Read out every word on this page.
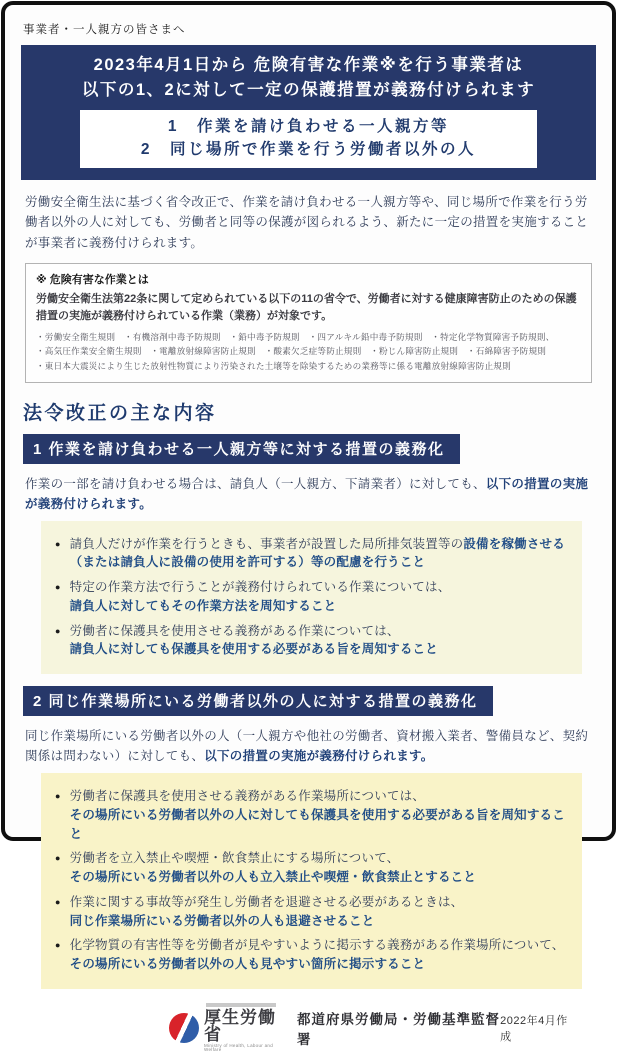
事業者・一人親方の皆さまへ
2023年4月1日から 危険有害な作業※を行う事業者は
以下の1、2に対して一定の保護措置が義務付けられます
1　作業を請け負わせる一人親方等
2　同じ場所で作業を行う労働者以外の人

労働安全衛生法に基づく省令改正で、作業を請け負わせる一人親方等や、同じ場所で作業を行う労働者以外の人に対しても、労働者と同等の保護が図られるよう、新たに一定の措置を実施することが事業者に義務付けられます。

※ 危険有害な作業とは
労働安全衛生法第22条に関して定められている以下の11の省令で、労働者に対する健康障害防止のための保護措置の実施が義務付けられている作業（業務）が対象です。
・労働安全衛生規則　・有機溶剤中毒予防規則　・鉛中毒予防規則　・四アルキル鉛中毒予防規則　・特定化学物質障害予防規則、
・高気圧作業安全衛生規則　・電離放射線障害防止規則　・酸素欠乏症等防止規則　・粉じん障害防止規則　・石綿障害予防規則
・東日本大震災により生じた放射性物質により汚染された土壌等を除染するための業務等に係る電離放射線障害防止規則
法令改正の主な内容
1 作業を請け負わせる一人親方等に対する措置の義務化

作業の一部を請け負わせる場合は、請負人（一人親方、下請業者）に対しても、以下の措置の実施が義務付けられます。

● 請負人だけが作業を行うときも、事業者が設置した局所排気装置等の設備を稼働させる（または請負人に設備の使用を許可する）等の配慮を行うこと
● 特定の作業方法で行うことが義務付けられている作業については、
請負人に対してもその作業方法を周知すること
● 労働者に保護具を使用させる義務がある作業については、
請負人に対しても保護具を使用する必要がある旨を周知すること
2 同じ作業場所にいる労働者以外の人に対する措置の義務化

同じ作業場所にいる労働者以外の人（一人親方や他社の労働者、資材搬入業者、警備員など、契約関係は問わない）に対しても、以下の措置の実施が義務付けられます。

● 労働者に保護具を使用させる義務がある作業場所については、
その場所にいる労働者以外の人に対しても保護具を使用する必要がある旨を周知すること
● 労働者を立入禁止や喫煙・飲食禁止にする場所について、
その場所にいる労働者以外の人も立入禁止や喫煙・飲食禁止とすること
● 作業に関する事故等が発生し労働者を退避させる必要があるときは、
同じ作業場所にいる労働者以外の人も退避させること
● 化学物質の有害性等を労働者が見やすいように掲示する義務がある作業場所について、
その場所にいる労働者以外の人も見やすい箇所に掲示すること
厚生労働省
Ministry of Health, Labour and Welfare
都道府県労働局・労働基準監督署
2022年4月作成
